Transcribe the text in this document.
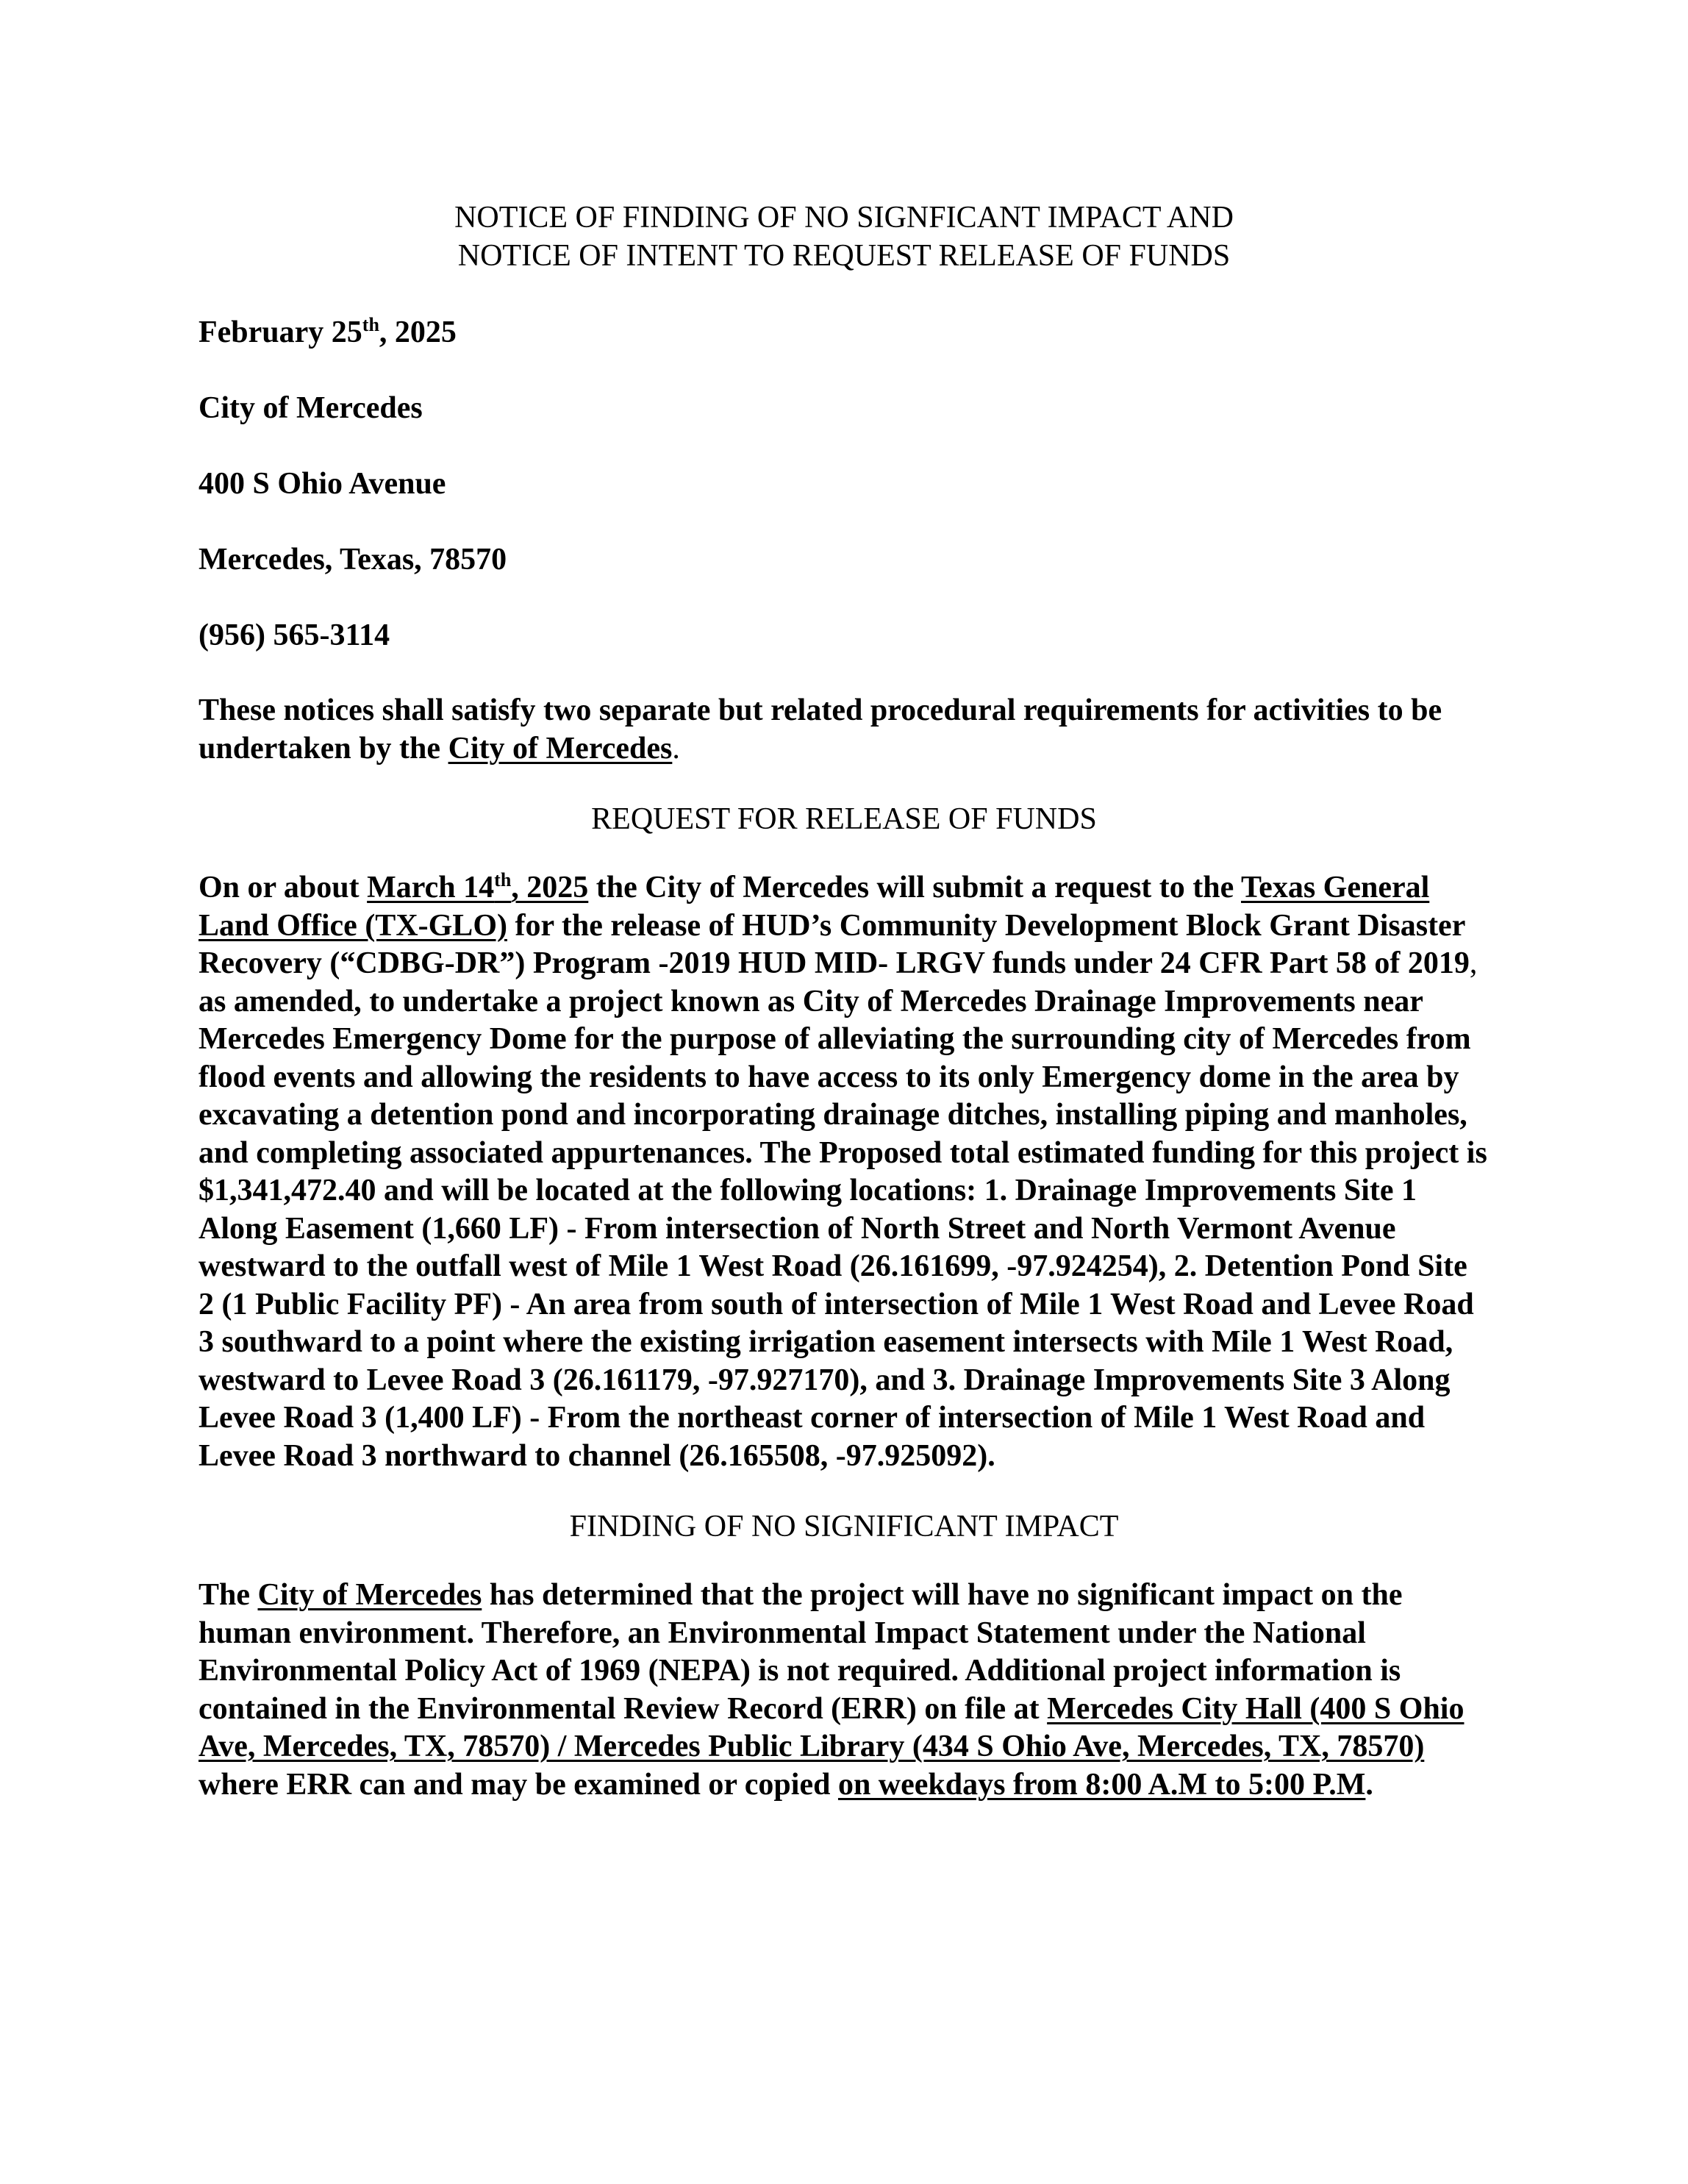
NOTICE OF FINDING OF NO SIGNFICANT IMPACT AND
NOTICE OF INTENT TO REQUEST RELEASE OF FUNDS
February 25th, 2025
City of Mercedes
400 S Ohio Avenue
Mercedes, Texas, 78570
(956) 565-3114

These notices shall satisfy two separate but related procedural requirements for activities to be undertaken by the City of Mercedes.

REQUEST FOR RELEASE OF FUNDS

On or about March 14th, 2025 the City of Mercedes will submit a request to the Texas General Land Office (TX-GLO) for the release of HUD’s Community Development Block Grant Disaster Recovery (“CDBG-DR”) Program -2019 HUD MID- LRGV funds under 24 CFR Part 58 of 2019, as amended, to undertake a project known as City of Mercedes Drainage Improvements near Mercedes Emergency Dome for the purpose of alleviating the surrounding city of Mercedes from flood events and allowing the residents to have access to its only Emergency dome in the area by excavating a detention pond and incorporating drainage ditches, installing piping and manholes, and completing associated appurtenances. The Proposed total estimated funding for this project is $1,341,472.40 and will be located at the following locations: 1. Drainage Improvements Site 1 Along Easement (1,660 LF) - From intersection of North Street and North Vermont Avenue westward to the outfall west of Mile 1 West Road (26.161699, -97.924254), 2. Detention Pond Site 2 (1 Public Facility PF) - An area from south of intersection of Mile 1 West Road and Levee Road 3 southward to a point where the existing irrigation easement intersects with Mile 1 West Road, westward to Levee Road 3 (26.161179, -97.927170), and 3. Drainage Improvements Site 3 Along Levee Road 3 (1,400 LF) - From the northeast corner of intersection of Mile 1 West Road and Levee Road 3 northward to channel (26.165508, -97.925092).

FINDING OF NO SIGNIFICANT IMPACT

The City of Mercedes has determined that the project will have no significant impact on the human environment. Therefore, an Environmental Impact Statement under the National Environmental Policy Act of 1969 (NEPA) is not required. Additional project information is contained in the Environmental Review Record (ERR) on file at Mercedes City Hall (400 S Ohio Ave, Mercedes, TX, 78570) / Mercedes Public Library (434 S Ohio Ave, Mercedes, TX, 78570) where ERR can and may be examined or copied on weekdays from 8:00 A.M to 5:00 P.M.
